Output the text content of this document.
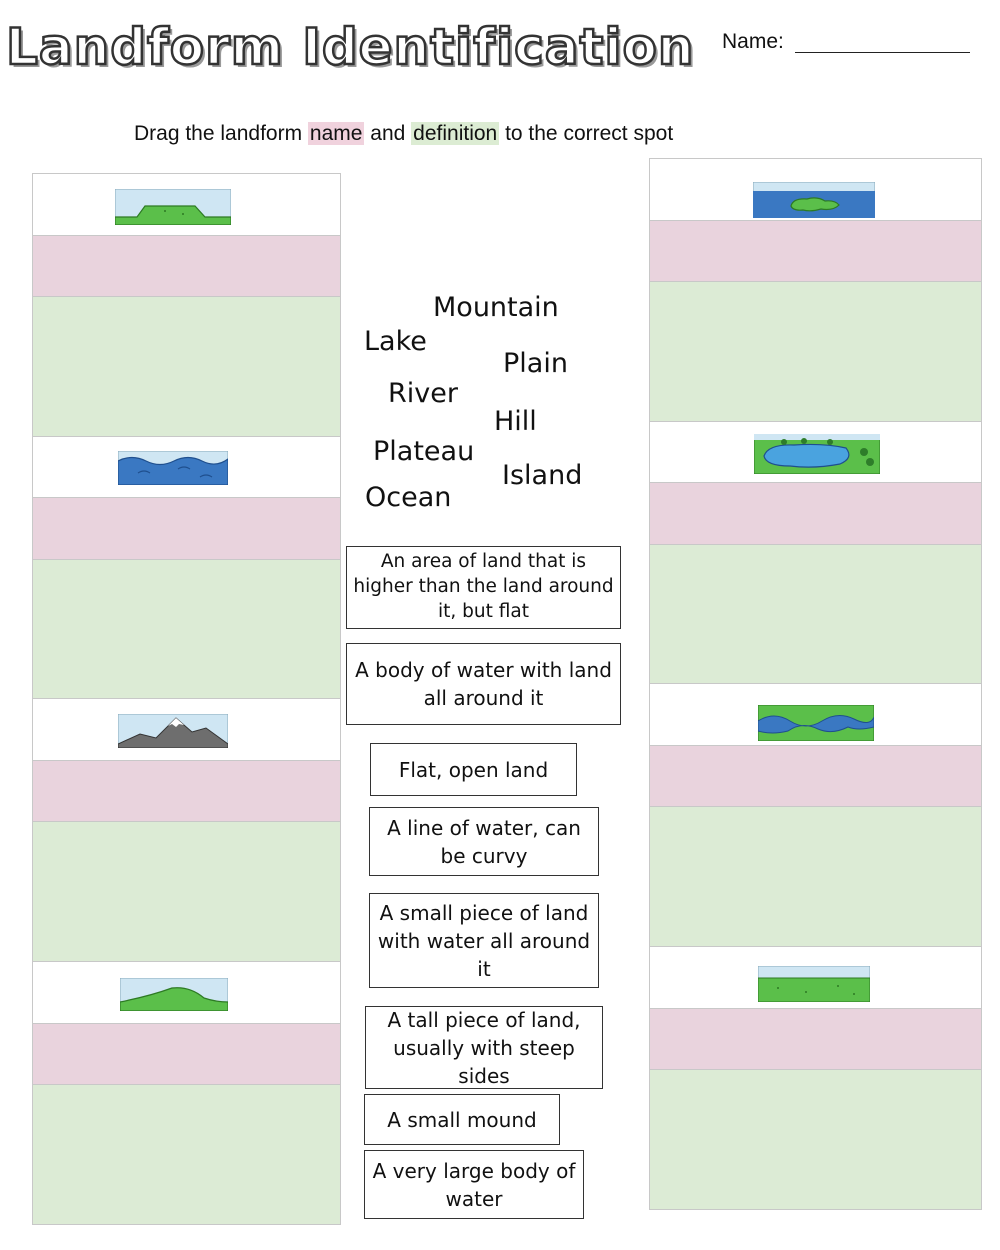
Landform Identification Name:
Drag the landform name and definition to the correct spot
Mountain
Lake
Plain
River
Hill
Plateau
Island
Ocean
An area of land that is higher than the land around it, but flat
A body of water with land all around it
Flat, open land
A line of water, can be curvy
A small piece of land with water all around it
A tall piece of land, usually with steep sides
A small mound
A very large body of water
